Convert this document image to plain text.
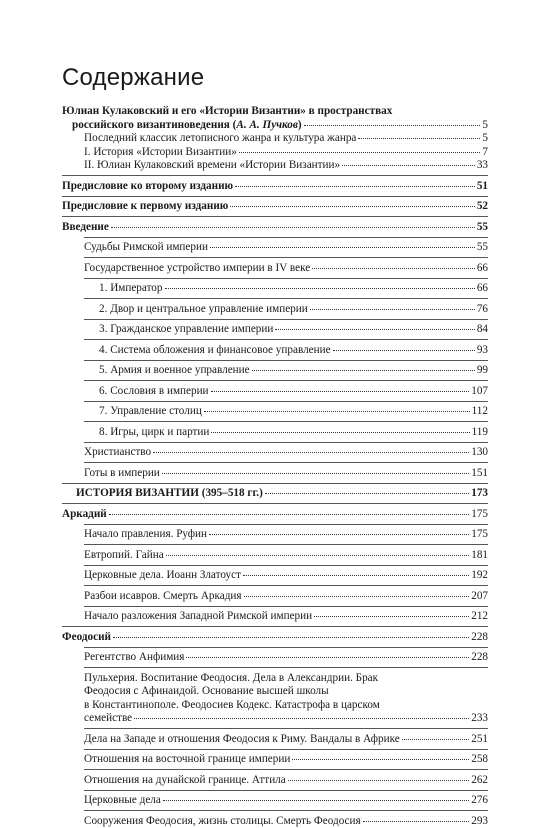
Содержание
Юлиан Кулаковский и его «Истории Византии» в пространствах
российского византиноведения (А. А. Пучков)	5
Последний классик летописного жанра и культура жанра	5
I. История «Истории Византии»	7
II. Юлиан Кулаковский времени «Истории Византии»	33
Предисловие ко второму изданию	51
Предисловие к первому изданию	52
Введение	55
Судьбы Римской империи	55
Государственное устройство империи в IV веке	66
1. Император	66
2. Двор и центральное управление империи	76
3. Гражданское управление империи	84
4. Система обложения и финансовое управление	93
5. Армия и военное управление	99
6. Сословия в империи	107
7. Управление столиц	112
8. Игры, цирк и партии	119
Христианство	130
Готы в империи	151
ИСТОРИЯ ВИЗАНТИИ (395–518 гг.)	173
Аркадий	175
Начало правления. Руфин	175
Евтропий. Гайна	181
Церковные дела. Иоанн Златоуст	192
Разбои исавров. Смерть Аркадия	207
Начало разложения Западной Римской империи	212
Феодосий	228
Регентство Анфимия	228
Пульхерия. Воспитание Феодосия. Дела в Александрии. Брак
Феодосия с Афинаидой. Основание высшей школы
в Константинополе. Феодосиев Кодекс. Катастрофа в царском
семействе	233
Дела на Западе и отношения Феодосия к Риму. Вандалы в Африке	251
Отношения на восточной границе империи	258
Отношения на дунайской границе. Аттила	262
Церковные дела	276
Сооружения Феодосия, жизнь столицы. Смерть Феодосия	293
